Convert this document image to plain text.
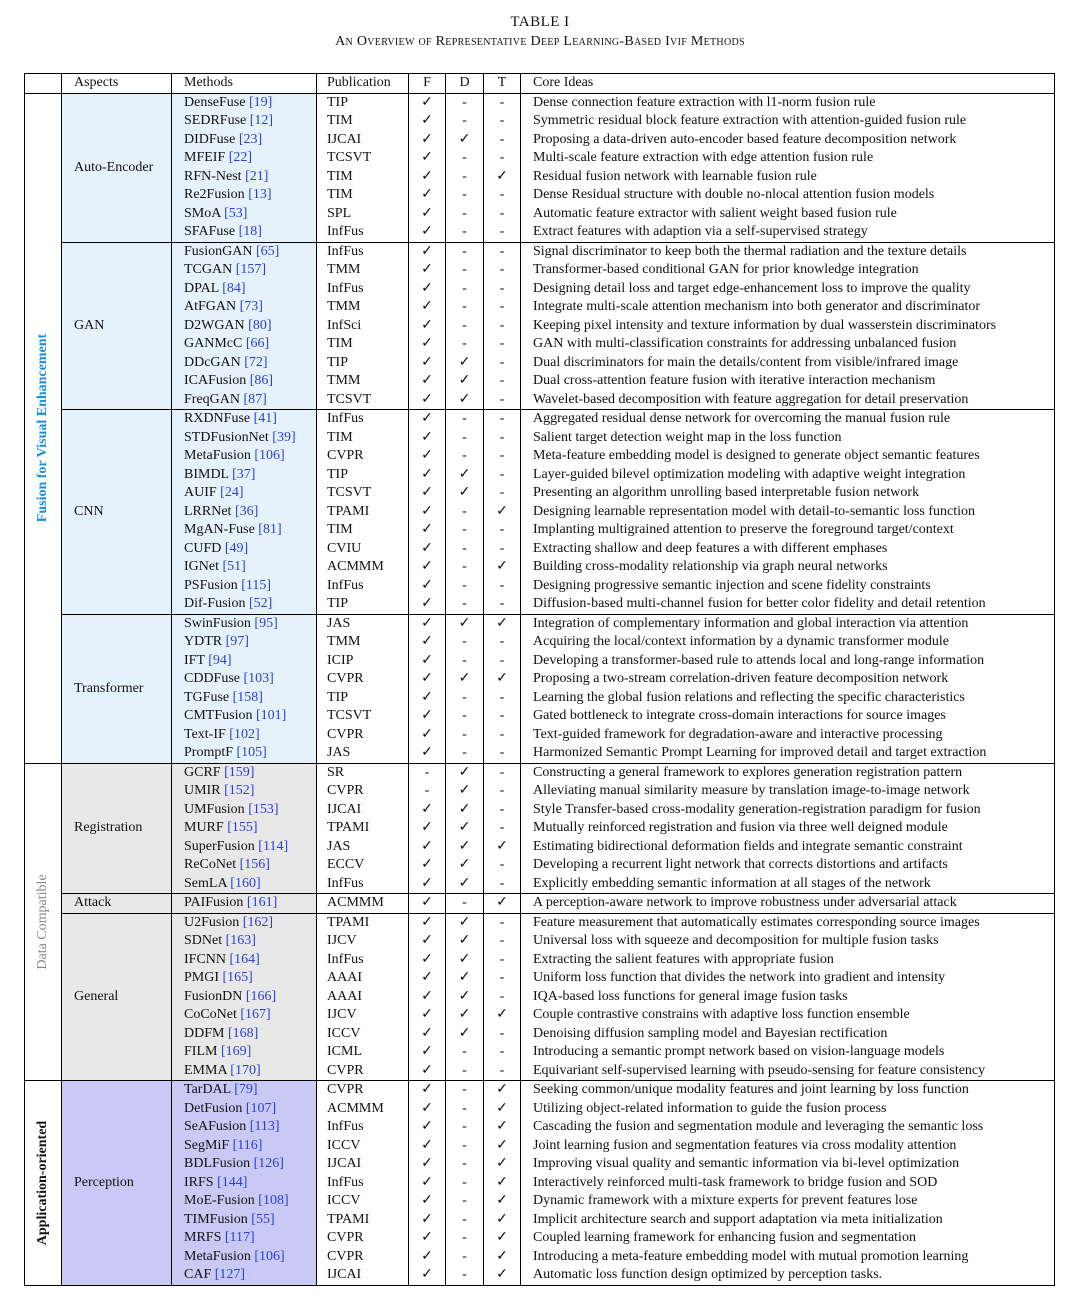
TABLE I
An Overview of Representative Deep Learning-Based Ivif Methods
	Aspects	Methods	Publication	F	D	T	Core Ideas

Fusion for Visual Enhancement	Auto-Encoder	DenseFuse [19]	TIP	✓	-	-	Dense connection feature extraction with l1-norm fusion rule
		SEDRFuse [12]	TIM	✓	-	-	Symmetric residual block feature extraction with attention-guided fusion rule
		DIDFuse [23]	IJCAI	✓	✓	-	Proposing a data-driven auto-encoder based feature decomposition network
		MFEIF [22]	TCSVT	✓	-	-	Multi-scale feature extraction with edge attention fusion rule
		RFN-Nest [21]	TIM	✓	-	✓	Residual fusion network with learnable fusion rule
		Re2Fusion [13]	TIM	✓	-	-	Dense Residual structure with double no-nlocal attention fusion models
		SMoA [53]	SPL	✓	-	-	Automatic feature extractor with salient weight based fusion rule
		SFAFuse [18]	InfFus	✓	-	-	Extract features with adaption via a self-supervised strategy
	GAN	FusionGAN [65]	InfFus	✓	-	-	Signal discriminator to keep both the thermal radiation and the texture details
		TCGAN [157]	TMM	✓	-	-	Transformer-based conditional GAN for prior knowledge integration
		DPAL [84]	InfFus	✓	-	-	Designing detail loss and target edge-enhancement loss to improve the quality
		AtFGAN [73]	TMM	✓	-	-	Integrate multi-scale attention mechanism into both generator and discriminator
		D2WGAN [80]	InfSci	✓	-	-	Keeping pixel intensity and texture information by dual wasserstein discriminators
		GANMcC [66]	TIM	✓	-	-	GAN with multi-classification constraints for addressing unbalanced fusion
		DDcGAN [72]	TIP	✓	✓	-	Dual discriminators for main the details/content from visible/infrared image
		ICAFusion [86]	TMM	✓	✓	-	Dual cross-attention feature fusion with iterative interaction mechanism
		FreqGAN [87]	TCSVT	✓	✓	-	Wavelet-based decomposition with feature aggregation for detail preservation
	CNN	RXDNFuse [41]	InfFus	✓	-	-	Aggregated residual dense network for overcoming the manual fusion rule
		STDFusionNet [39]	TIM	✓	-	-	Salient target detection weight map in the loss function
		MetaFusion [106]	CVPR	✓	-	-	Meta-feature embedding model is designed to generate object semantic features
		BIMDL [37]	TIP	✓	✓	-	Layer-guided bilevel optimization modeling with adaptive weight integration
		AUIF [24]	TCSVT	✓	✓	-	Presenting an algorithm unrolling based interpretable fusion network
		LRRNet [36]	TPAMI	✓	-	✓	Designing learnable representation model with detail-to-semantic loss function
		MgAN-Fuse [81]	TIM	✓	-	-	Implanting multigrained attention to preserve the foreground target/context
		CUFD [49]	CVIU	✓	-	-	Extracting shallow and deep features a with different emphases
		IGNet [51]	ACMMM	✓	-	✓	Building cross-modality relationship via graph neural networks
		PSFusion [115]	InfFus	✓	-	-	Designing progressive semantic injection and scene fidelity constraints
		Dif-Fusion [52]	TIP	✓	-	-	Diffusion-based multi-channel fusion for better color fidelity and detail retention
	Transformer	SwinFusion [95]	JAS	✓	✓	✓	Integration of complementary information and global interaction via attention
		YDTR [97]	TMM	✓	-	-	Acquiring the local/context information by a dynamic transformer module
		IFT [94]	ICIP	✓	-	-	Developing a transformer-based rule to attends local and long-range information
		CDDFuse [103]	CVPR	✓	✓	✓	Proposing a two-stream correlation-driven feature decomposition network
		TGFuse [158]	TIP	✓	-	-	Learning the global fusion relations and reflecting the specific characteristics
		CMTFusion [101]	TCSVT	✓	-	-	Gated bottleneck to integrate cross-domain interactions for source images
		Text-IF [102]	CVPR	✓	-	-	Text-guided framework for degradation-aware and interactive processing
		PromptF [105]	JAS	✓	-	-	Harmonized Semantic Prompt Learning for improved detail and target extraction

Data Compatible	Registration	GCRF [159]	SR	-	✓	-	Constructing a general framework to explores generation registration pattern
		UMIR [152]	CVPR	-	✓	-	Alleviating manual similarity measure by translation image-to-image network
		UMFusion [153]	IJCAI	✓	✓	-	Style Transfer-based cross-modality generation-registration paradigm for fusion
		MURF [155]	TPAMI	✓	✓	-	Mutually reinforced registration and fusion via three well deigned module
		SuperFusion [114]	JAS	✓	✓	✓	Estimating bidirectional deformation fields and integrate semantic constraint
		ReCoNet [156]	ECCV	✓	✓	-	Developing a recurrent light network that corrects distortions and artifacts
		SemLA [160]	InfFus	✓	✓	-	Explicitly embedding semantic information at all stages of the network
	Attack	PAIFusion [161]	ACMMM	✓	-	✓	A perception-aware network to improve robustness under adversarial attack
	General	U2Fusion [162]	TPAMI	✓	✓	-	Feature measurement that automatically estimates corresponding source images
		SDNet [163]	IJCV	✓	✓	-	Universal loss with squeeze and decomposition for multiple fusion tasks
		IFCNN [164]	InfFus	✓	✓	-	Extracting the salient features with appropriate fusion
		PMGI [165]	AAAI	✓	✓	-	Uniform loss function that divides the network into gradient and intensity
		FusionDN [166]	AAAI	✓	✓	-	IQA-based loss functions for general image fusion tasks
		CoCoNet [167]	IJCV	✓	✓	✓	Couple contrastive constrains with adaptive loss function ensemble
		DDFM [168]	ICCV	✓	✓	-	Denoising diffusion sampling model and Bayesian rectification
		FILM [169]	ICML	✓	-	-	Introducing a semantic prompt network based on vision-language models
		EMMA [170]	CVPR	✓	-	-	Equivariant self-supervised learning with pseudo-sensing for feature consistency

Application-oriented	Perception	TarDAL [79]	CVPR	✓	-	✓	Seeking common/unique modality features and joint learning by loss function
		DetFusion [107]	ACMMM	✓	-	✓	Utilizing object-related information to guide the fusion process
		SeAFusion [113]	InfFus	✓	-	✓	Cascading the fusion and segmentation module and leveraging the semantic loss
		SegMiF [116]	ICCV	✓	-	✓	Joint learning fusion and segmentation features via cross modality attention
		BDLFusion [126]	IJCAI	✓	-	✓	Improving visual quality and semantic information via bi-level optimization
		IRFS [144]	InfFus	✓	-	✓	Interactively reinforced multi-task framework to bridge fusion and SOD
		MoE-Fusion [108]	ICCV	✓	-	✓	Dynamic framework with a mixture experts for prevent features lose
		TIMFusion [55]	TPAMI	✓	-	✓	Implicit architecture search and support adaptation via meta initialization
		MRFS [117]	CVPR	✓	-	✓	Coupled learning framework for enhancing fusion and segmentation
		MetaFusion [106]	CVPR	✓	-	✓	Introducing a meta-feature embedding model with mutual promotion learning
		CAF [127]	IJCAI	✓	-	✓	Automatic loss function design optimized by perception tasks.
